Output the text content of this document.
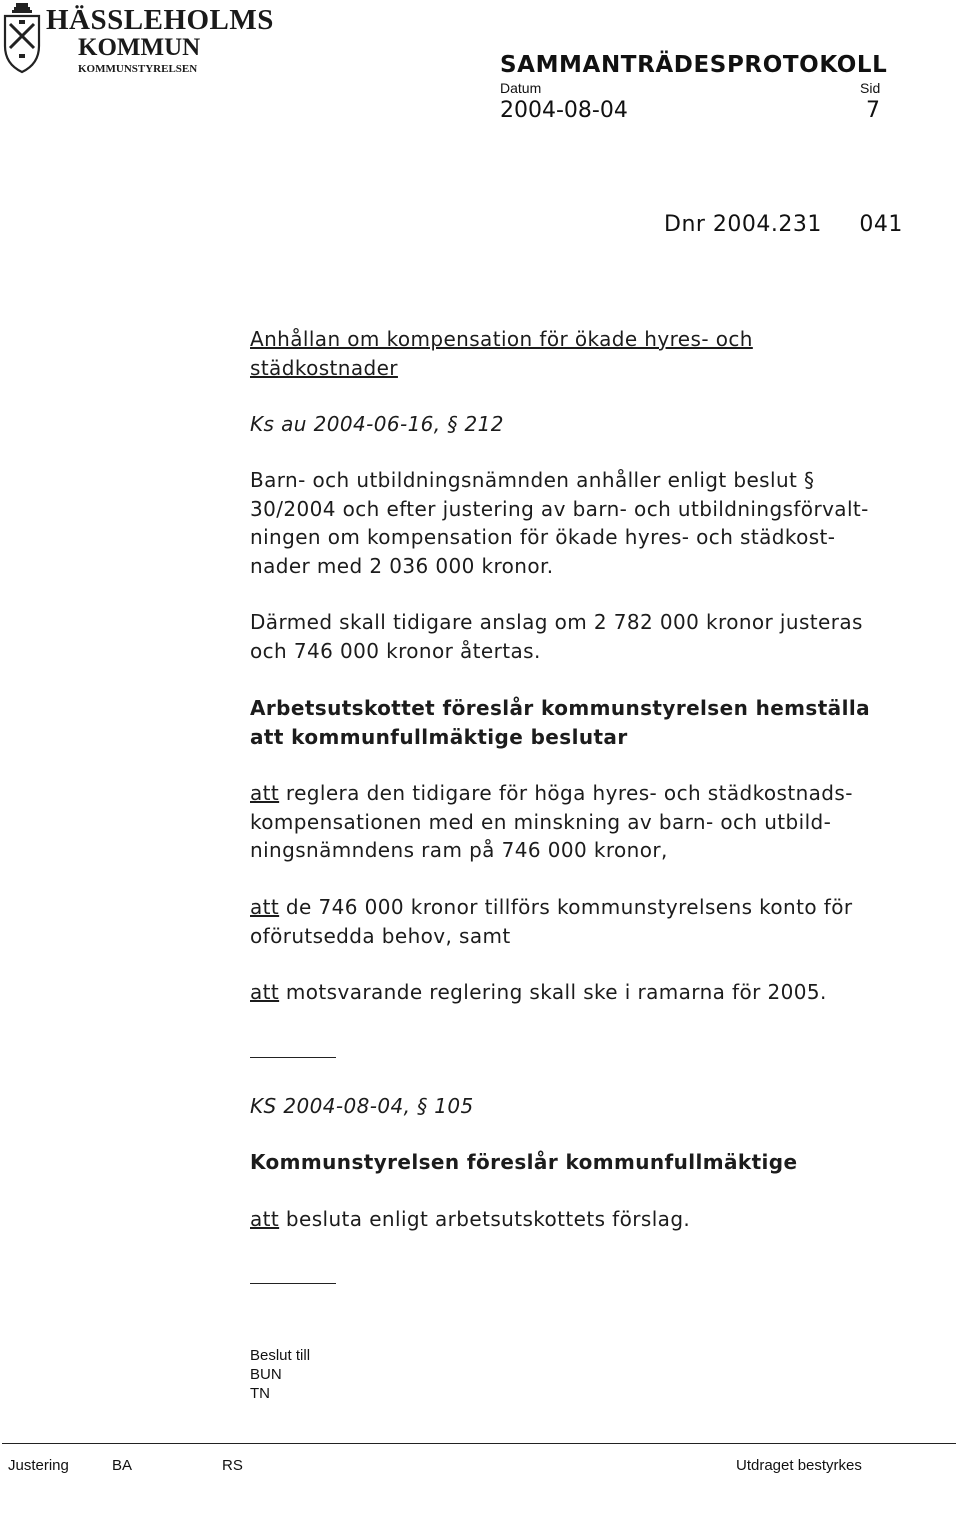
HÄSSLEHOLMS
KOMMUN
KOMMUNSTYRELSEN	SAMMANTRÄDESPROTOKOLL
Datum	Sid
2004-08-04	7
Dnr 2004.231     041
Anhållan om kompensation för ökade hyres- och
städkostnader
Ks au 2004-06-16, § 212
Barn- och utbildningsnämnden anhåller enligt beslut §
30/2004 och efter justering av barn- och utbildningsförvalt-
ningen om kompensation för ökade hyres- och städkost-
nader med 2 036 000 kronor.
Därmed skall tidigare anslag om 2 782 000 kronor justeras
och 746 000 kronor återtas.
Arbetsutskottet föreslår kommunstyrelsen hemställa
att kommunfullmäktige beslutar
att reglera den tidigare för höga hyres- och städkostnads-
kompensationen med en minskning av barn- och utbild-
ningsnämndens ram på 746 000 kronor,
att de 746 000 kronor tillförs kommunstyrelsens konto för
oförutsedda behov, samt
att motsvarande reglering skall ske i ramarna för 2005.
KS 2004-08-04, § 105
Kommunstyrelsen föreslår kommunfullmäktige
att besluta enligt arbetsutskottets förslag.
Beslut till
BUN
TN
Justering	BA	RS	Utdraget bestyrkes
